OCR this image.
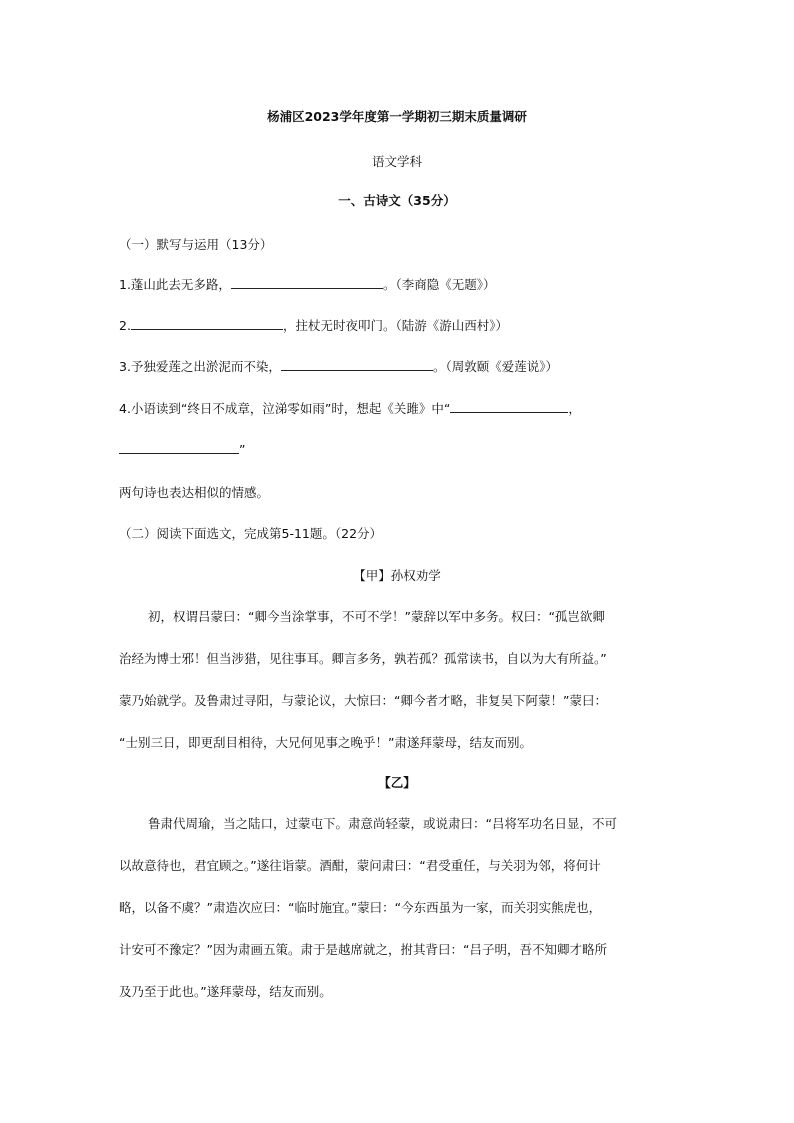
杨浦区2023学年度第一学期初三期末质量调研
语文学科
一、古诗文（35分）
（一）默写与运用（13分）
1.蓬山此去无多路，	。（李商隐《无题》）
2.	，拄杖无时夜叩门。（陆游《游山西村》）
3.予独爱莲之出淤泥而不染，	。（周敦颐《爱莲说》）
4.小语读到“终日不成章，泣涕零如雨”时，想起《关雎》中“	，
”
两句诗也表达相似的情感。
（二）阅读下面选文，完成第5-11题。（22分）
【甲】孙权劝学
初，权谓吕蒙曰：“卿今当涂掌事，不可不学！”蒙辞以军中多务。权曰：“孤岂欲卿
治经为博士邪！但当涉猎，见往事耳。卿言多务，孰若孤？孤常读书，自以为大有所益。”
蒙乃始就学。及鲁肃过寻阳，与蒙论议，大惊曰：“卿今者才略，非复吴下阿蒙！”蒙曰：
“士别三日，即更刮目相待，大兄何见事之晚乎！”肃遂拜蒙母，结友而别。
【乙】
鲁肃代周瑜，当之陆口，过蒙屯下。肃意尚轻蒙，或说肃曰：“吕将军功名日显，不可
以故意待也，君宜顾之。”遂往诣蒙。酒酣，蒙问肃曰：“君受重任，与关羽为邻，将何计
略，以备不虞？”肃造次应曰：“临时施宜。”蒙曰：“今东西虽为一家，而关羽实熊虎也，
计安可不豫定？”因为肃画五策。肃于是越席就之，拊其背曰：“吕子明，吾不知卿才略所
及乃至于此也。”遂拜蒙母，结友而别。
